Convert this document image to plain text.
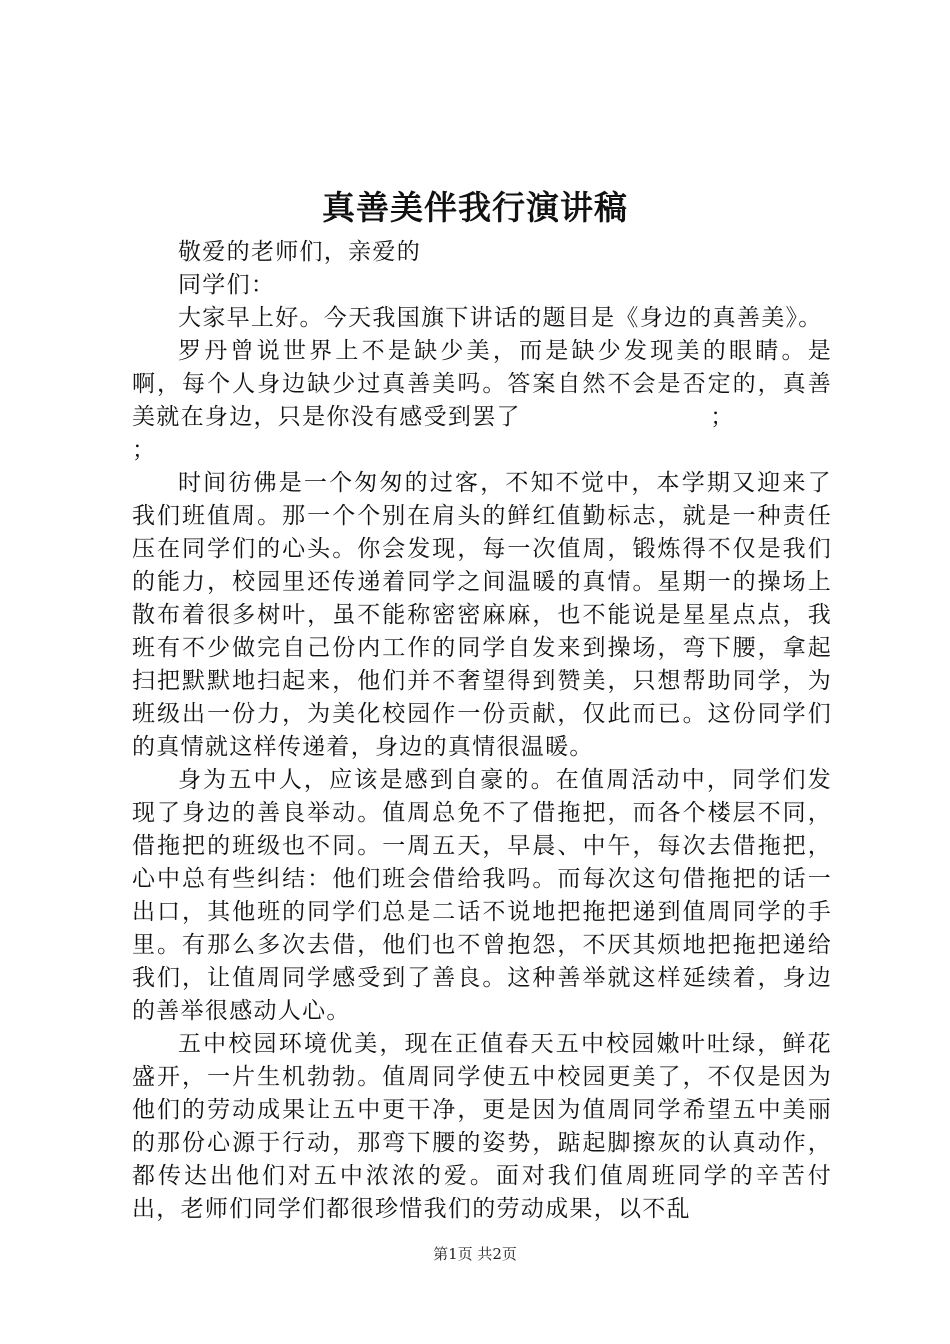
真善美伴我行演讲稿

敬爱的老师们，亲爱的

同学们：

大家早上好。今天我国旗下讲话的题目是《身边的真善美》。

罗丹曾说世界上不是缺少美，而是缺少发现美的眼睛。是啊，每个人身边缺少过真善美吗。答案自然不会是否定的，真善美就在身边，只是你没有感受到罢了	；

；

时间彷佛是一个匆匆的过客，不知不觉中，本学期又迎来了我们班值周。那一个个别在肩头的鲜红值勤标志，就是一种责任压在同学们的心头。你会发现，每一次值周，锻炼得不仅是我们的能力，校园里还传递着同学之间温暖的真情。星期一的操场上散布着很多树叶，虽不能称密密麻麻，也不能说是星星点点，我班有不少做完自己份内工作的同学自发来到操场，弯下腰，拿起扫把默默地扫起来，他们并不奢望得到赞美，只想帮助同学，为班级出一份力，为美化校园作一份贡献，仅此而已。这份同学们的真情就这样传递着，身边的真情很温暖。

身为五中人，应该是感到自豪的。在值周活动中，同学们发现了身边的善良举动。值周总免不了借拖把，而各个楼层不同，借拖把的班级也不同。一周五天，早晨、中午，每次去借拖把，心中总有些纠结：他们班会借给我吗。而每次这句借拖把的话一出口，其他班的同学们总是二话不说地把拖把递到值周同学的手里。有那么多次去借，他们也不曾抱怨，不厌其烦地把拖把递给我们，让值周同学感受到了善良。这种善举就这样延续着，身边的善举很感动人心。

五中校园环境优美，现在正值春天五中校园嫩叶吐绿，鲜花盛开，一片生机勃勃。值周同学使五中校园更美了，不仅是因为他们的劳动成果让五中更干净，更是因为值周同学希望五中美丽的那份心源于行动，那弯下腰的姿势，踮起脚擦灰的认真动作，都传达出他们对五中浓浓的爱。面对我们值周班同学的辛苦付出，老师们同学们都很珍惜我们的劳动成果，以不乱

第1页 共2页
